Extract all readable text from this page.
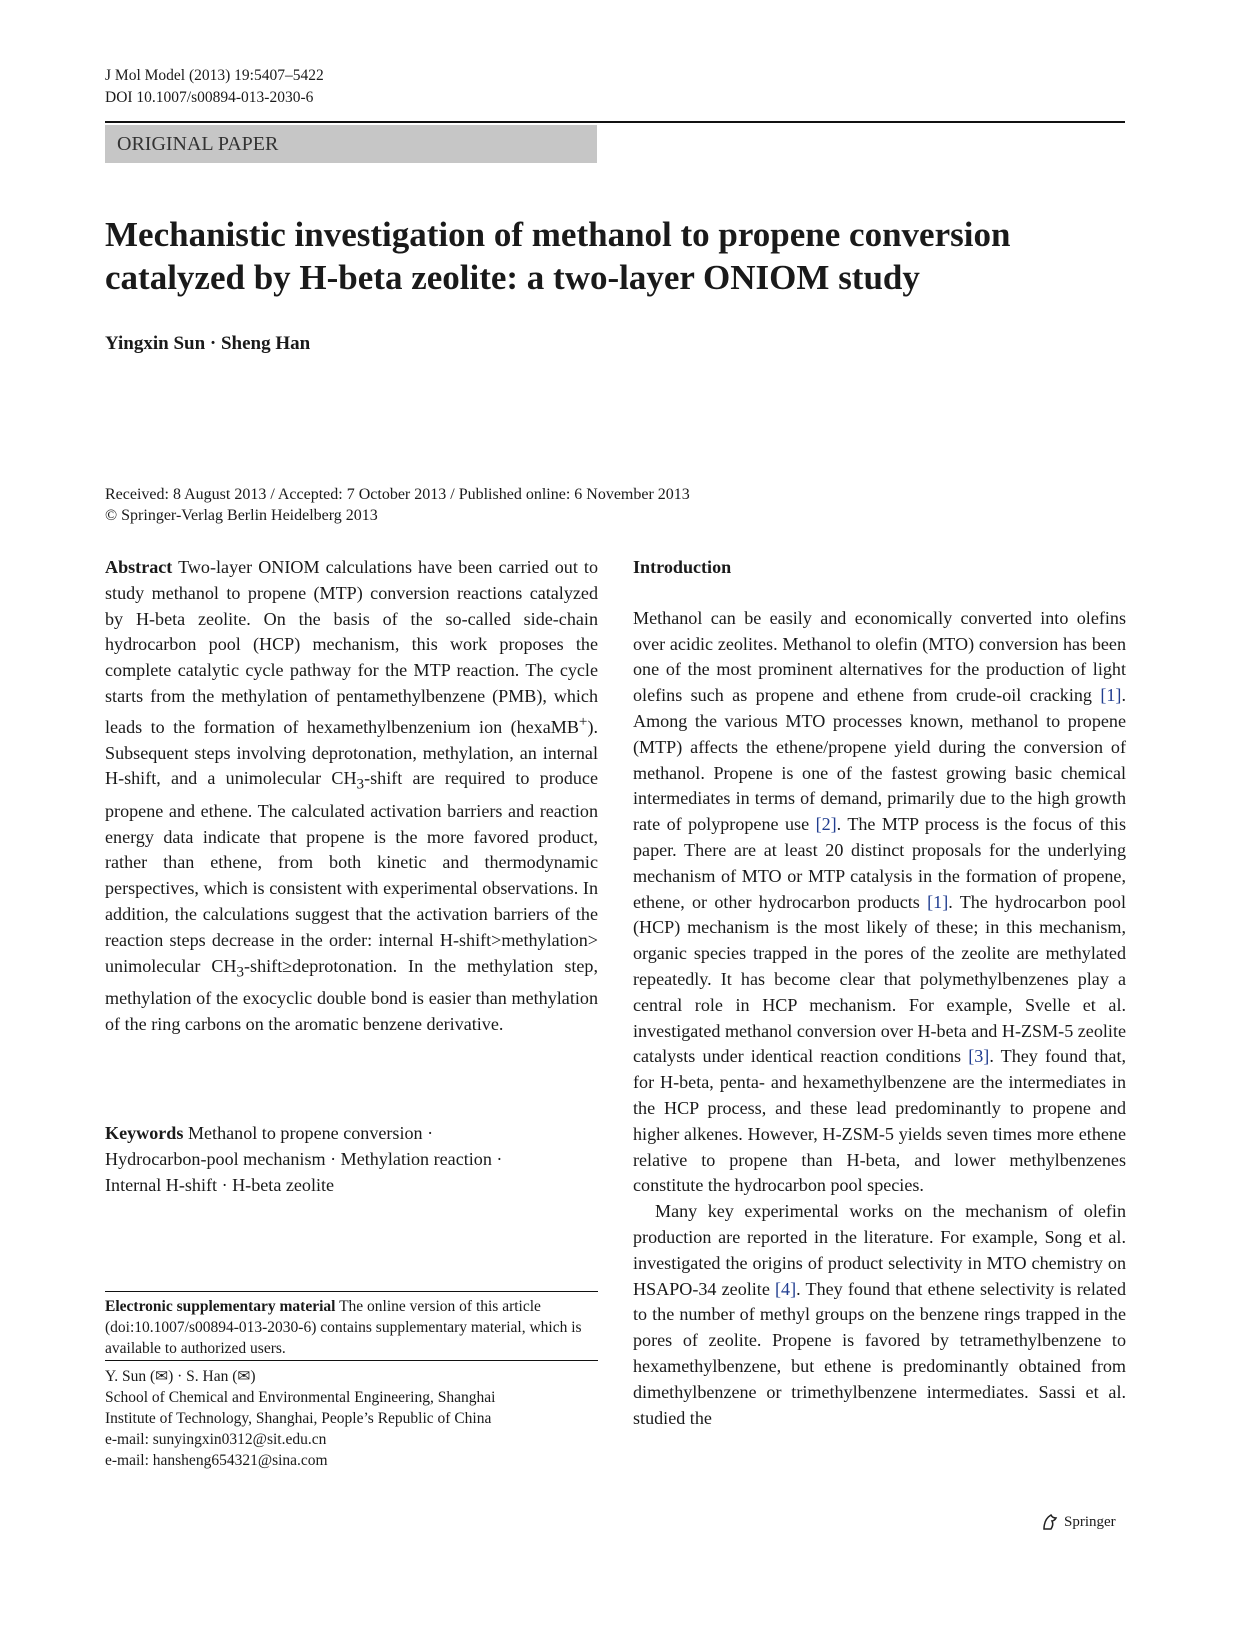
J Mol Model (2013) 19:5407–5422
DOI 10.1007/s00894-013-2030-6
ORIGINAL PAPER
Mechanistic investigation of methanol to propene conversion
catalyzed by H-beta zeolite: a two-layer ONIOM study
Yingxin Sun · Sheng Han
Received: 8 August 2013 / Accepted: 7 October 2013 / Published online: 6 November 2013
© Springer-Verlag Berlin Heidelberg 2013

Abstract Two-layer ONIOM calculations have been carried out to study methanol to propene (MTP) conversion reactions catalyzed by H-beta zeolite. On the basis of the so-called side-chain hydrocarbon pool (HCP) mechanism, this work proposes the complete catalytic cycle pathway for the MTP reaction. The cycle starts from the methylation of pentamethylbenzene (PMB), which leads to the formation of hexamethylbenzenium ion (hexaMB+). Subsequent steps involving deprotonation, methylation, an internal H-shift, and a unimolecular $CH_3$-shift are required to produce propene and ethene. The calculated activation barriers and reaction energy data indicate that propene is the more favored product, rather than ethene, from both kinetic and thermodynamic perspectives, which is consistent with experimental observations. In addition, the calculations suggest that the activation barriers of the reaction steps decrease in the order: internal H-shift>methylation> unimolecular $CH_3-shift\ge deprotonation$. In the methylation step, methylation of the exocyclic double bond is easier than methylation of the ring carbons on the aromatic benzene derivative.

Keywords Methanol to propene conversion ·
Hydrocarbon-pool mechanism · Methylation reaction ·
Internal H-shift · H-beta zeolite
Electronic supplementary material The online version of this article (doi:10.1007/s00894-013-2030-6) contains supplementary material, which is available to authorized users.
Y. Sun (✉) · S. Han (✉)
School of Chemical and Environmental Engineering, Shanghai
Institute of Technology, Shanghai, People’s Republic of China
e-mail: sunyingxin0312@sit.edu.cn
e-mail: hansheng654321@sina.com
Introduction

Methanol can be easily and economically converted into olefins over acidic zeolites. Methanol to olefin (MTO) conversion has been one of the most prominent alternatives for the production of light olefins such as propene and ethene from crude-oil cracking [1]. Among the various MTO processes known, methanol to propene (MTP) affects the ethene/propene yield during the conversion of methanol. Propene is one of the fastest growing basic chemical intermediates in terms of demand, primarily due to the high growth rate of polypropene use [2]. The MTP process is the focus of this paper. There are at least 20 distinct proposals for the underlying mechanism of MTO or MTP catalysis in the formation of propene, ethene, or other hydrocarbon products [1]. The hydrocarbon pool (HCP) mechanism is the most likely of these; in this mechanism, organic species trapped in the pores of the zeolite are methylated repeatedly. It has become clear that polymethylbenzenes play a central role in HCP mechanism. For example, Svelle et al. investigated methanol conversion over H-beta and H-ZSM-5 zeolite catalysts under identical reaction conditions [3]. They found that, for H-beta, penta- and hexamethylbenzene are the intermediates in the HCP process, and these lead predominantly to propene and higher alkenes. However, H-ZSM-5 yields seven times more ethene relative to propene than H-beta, and lower methylbenzenes constitute the hydrocarbon pool species.

Many key experimental works on the mechanism of olefin production are reported in the literature. For example, Song et al. investigated the origins of product selectivity in MTO chemistry on HSAPO-34 zeolite [4]. They found that ethene selectivity is related to the number of methyl groups on the benzene rings trapped in the pores of zeolite. Propene is favored by tetramethylbenzene to hexamethylbenzene, but ethene is predominantly obtained from dimethylbenzene or trimethylbenzene intermediates. Sassi et al. studied the

Springer
